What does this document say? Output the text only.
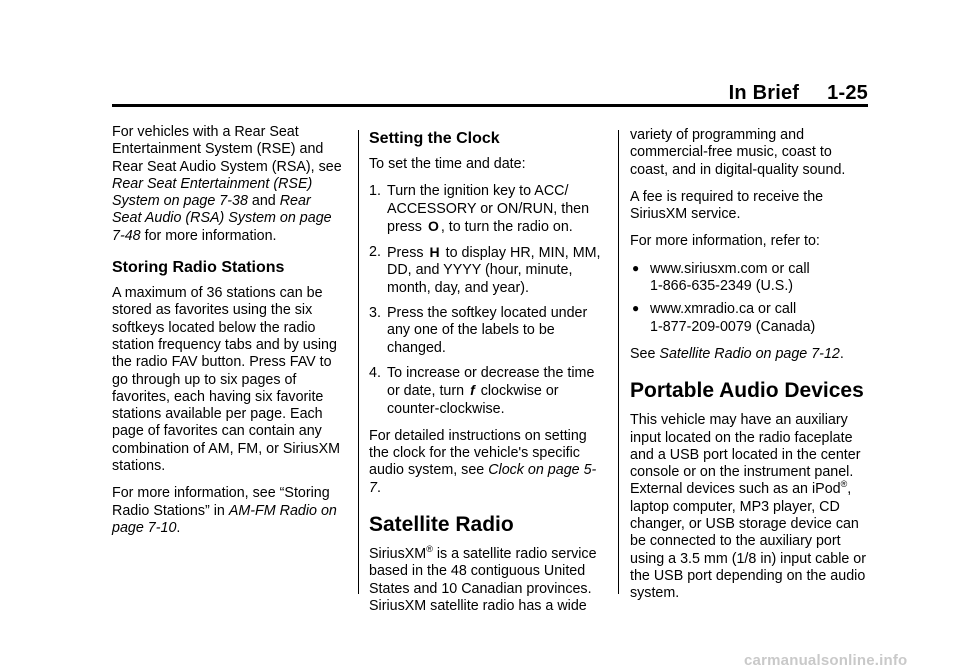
In Brief 1-25

For vehicles with a Rear Seat Entertainment System (RSE) and Rear Seat Audio System (RSA), see Rear Seat Entertainment (RSE) System on page 7-38 and Rear Seat Audio (RSA) System on page 7-48 for more information.

Storing Radio Stations

A maximum of 36 stations can be stored as favorites using the six softkeys located below the radio station frequency tabs and by using the radio FAV button. Press FAV to go through up to six pages of favorites, each having six favorite stations available per page. Each page of favorites can contain any combination of AM, FM, or SiriusXM stations.

For more information, see “Storing Radio Stations” in AM-FM Radio on page 7-10.

Setting the Clock

To set the time and date:

1. Turn the ignition key to ACC/ ACCESSORY or ON/RUN, then press O , to turn the radio on.
2. Press H to display HR, MIN, MM, DD, and YYYY (hour, minute, month, day, and year).
3. Press the softkey located under any one of the labels to be changed.
4. To increase or decrease the time or date, turn f clockwise or counter-clockwise.

For detailed instructions on setting the clock for the vehicle's specific audio system, see Clock on page 5-7.

Satellite Radio

SiriusXM® is a satellite radio service based in the 48 contiguous United States and 10 Canadian provinces. SiriusXM satellite radio has a wide

variety of programming and commercial-free music, coast to coast, and in digital-quality sound.

A fee is required to receive the SiriusXM service.

For more information, refer to:

● www.siriusxm.com or call
1-866-635-2349 (U.S.)
● www.xmradio.ca or call
1-877-209-0079 (Canada)

See Satellite Radio on page 7-12.

Portable Audio Devices

This vehicle may have an auxiliary input located on the radio faceplate and a USB port located in the center console or on the instrument panel. External devices such as an iPod®, laptop computer, MP3 player, CD changer, or USB storage device can be connected to the auxiliary port using a 3.5 mm (1/8 in) input cable or the USB port depending on the audio system.

carmanualsonline.info
